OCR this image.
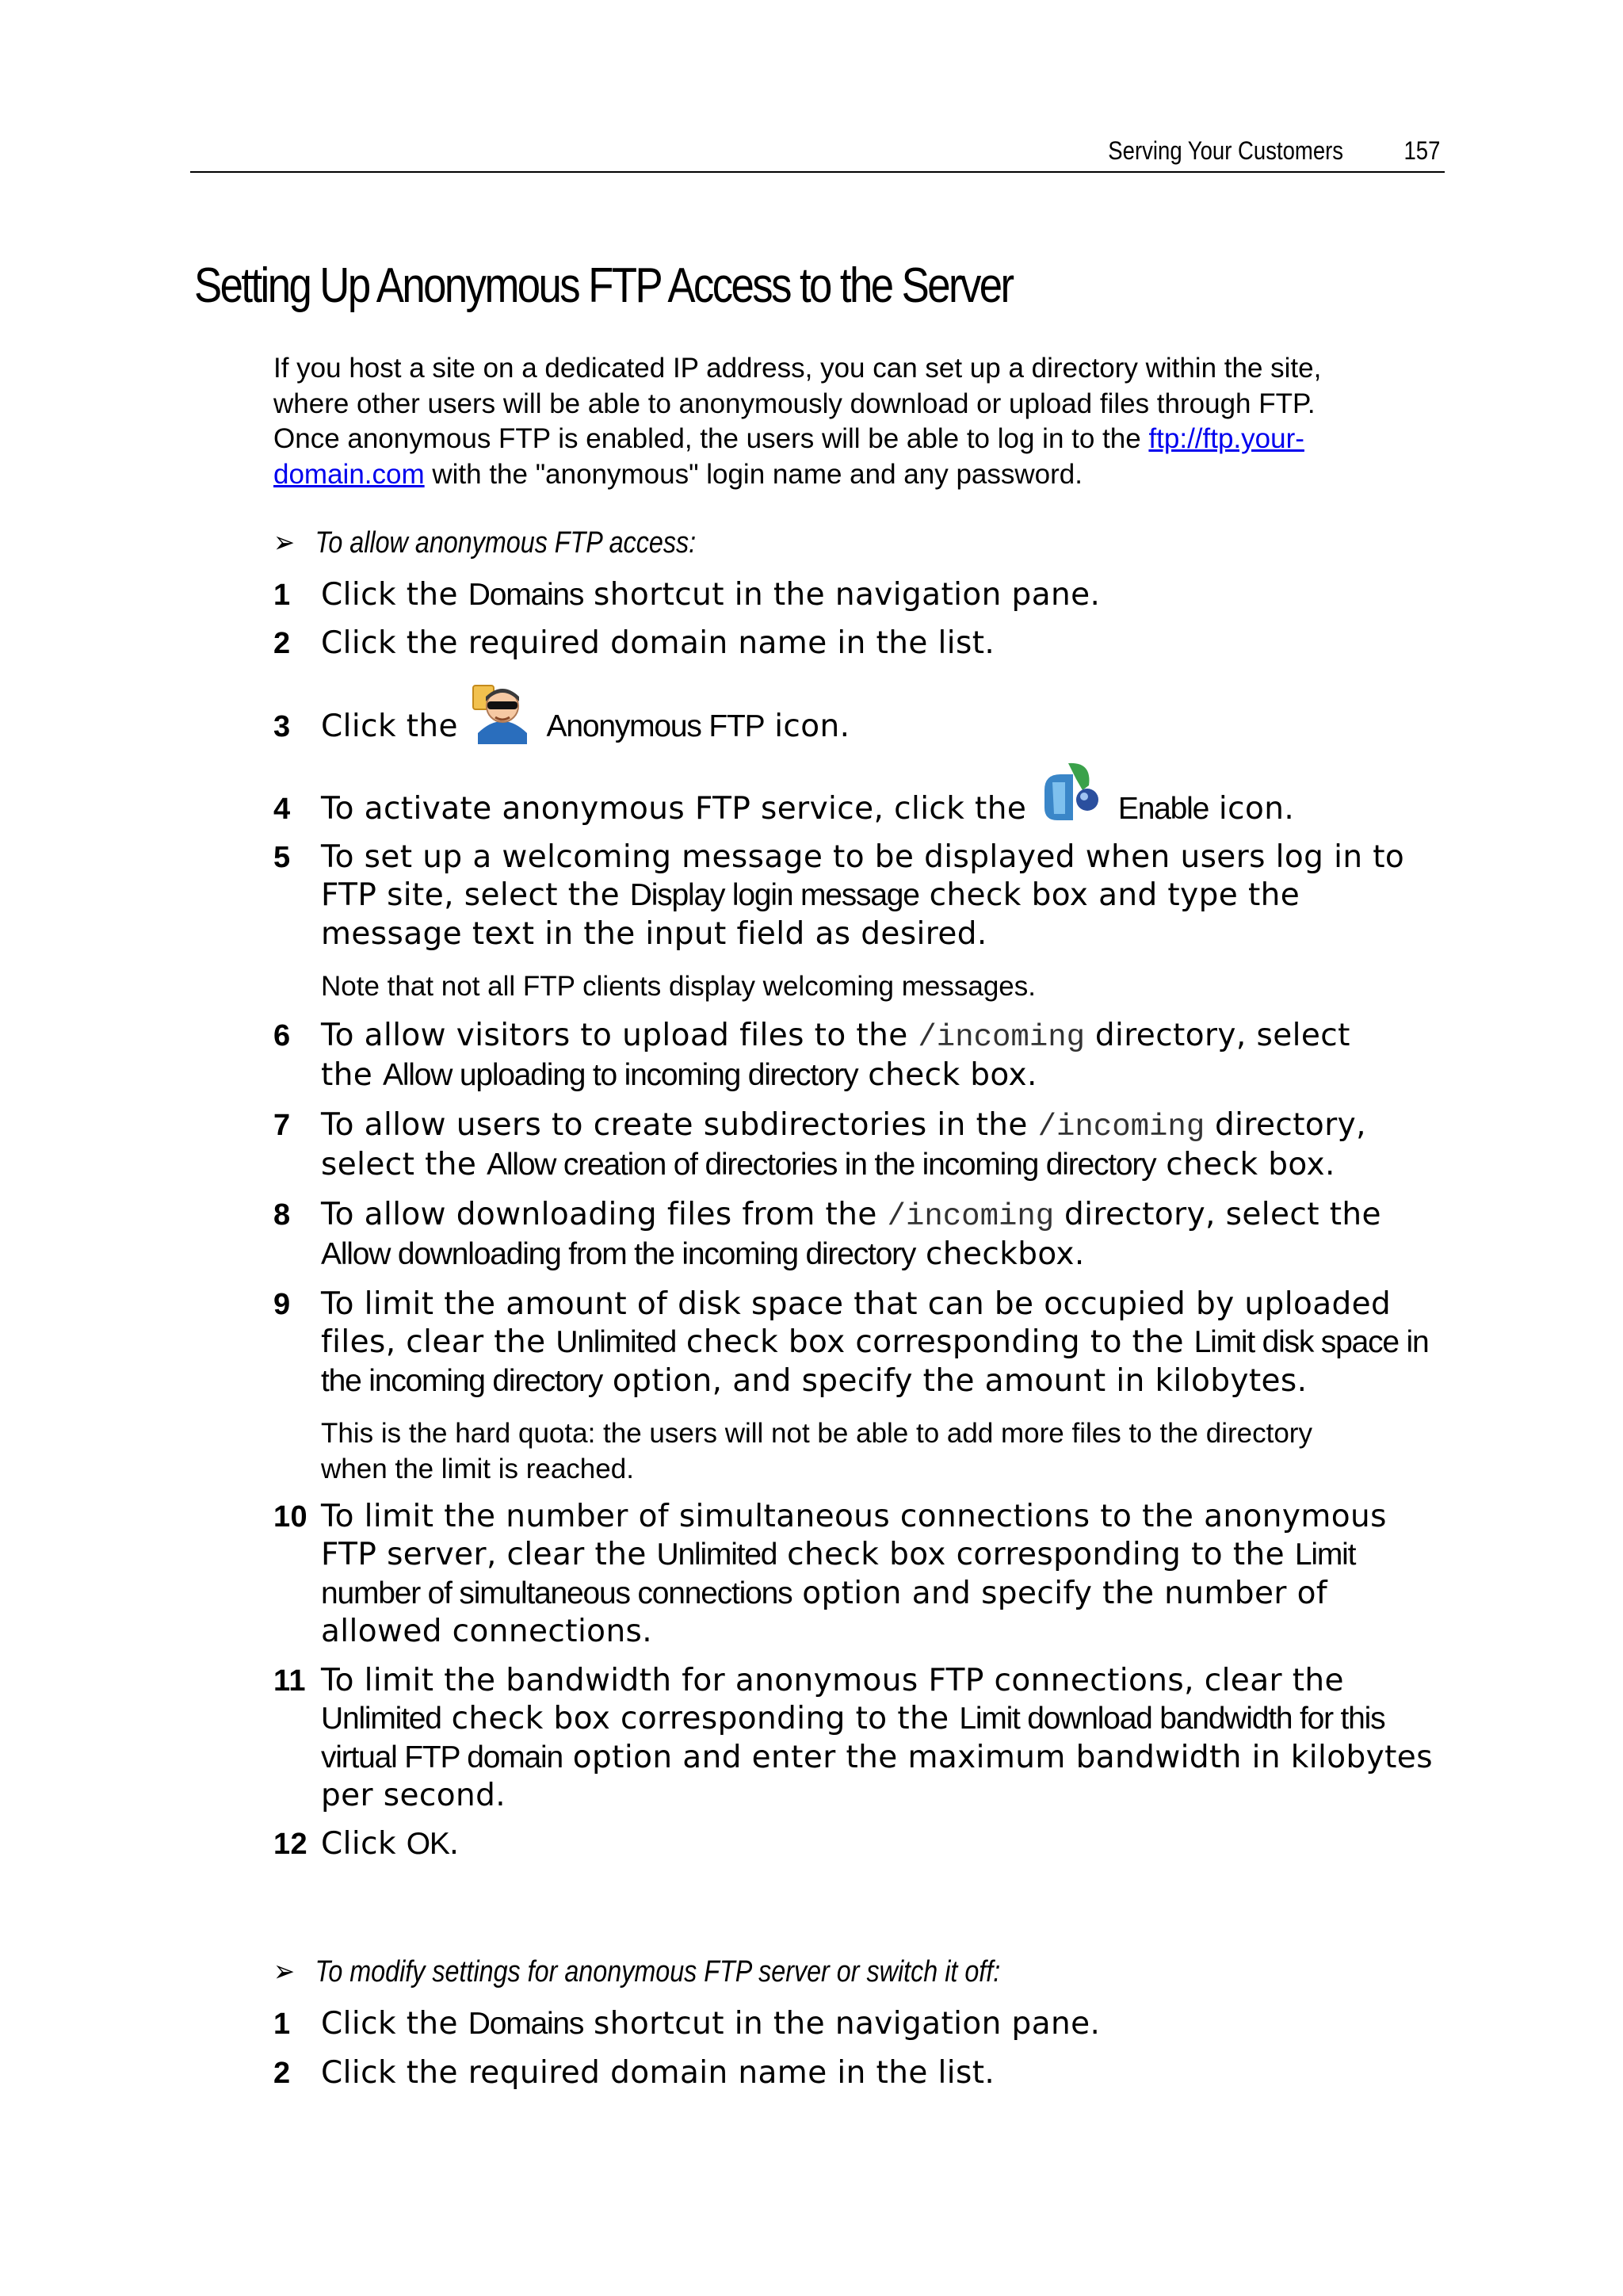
Serving Your Customers 157
Setting Up Anonymous FTP Access to the Server

If you host a site on a dedicated IP address, you can set up a directory within the site,

where other users will be able to anonymously download or upload files through FTP.

Once anonymous FTP is enabled, the users will be able to log in to the ftp://ftp.your-

domain.com with the "anonymous" login name and any password.

➢ To allow anonymous FTP access:
1 Click the Domains shortcut in the navigation pane.
2 Click the required domain name in the list.
3 Click the	Anonymous FTP icon.
4 To activate anonymous FTP service, click the	Enable icon.
5 To set up a welcoming message to be displayed when users log in to
FTP site, select the Display login message check box and type the
message text in the input field as desired.
Note that not all FTP clients display welcoming messages.
6 To allow visitors to upload files to the /incoming directory, select
the Allow uploading to incoming directory check box.
7 To allow users to create subdirectories in the /incoming directory,
select the Allow creation of directories in the incoming directory check box.
8 To allow downloading files from the /incoming directory, select the
Allow downloading from the incoming directory checkbox.
9 To limit the amount of disk space that can be occupied by uploaded
files, clear the Unlimited check box corresponding to the Limit disk space in
the incoming directory option, and specify the amount in kilobytes.
This is the hard quota: the users will not be able to add more files to the directory
when the limit is reached.
10 To limit the number of simultaneous connections to the anonymous
FTP server, clear the Unlimited check box corresponding to the Limit
number of simultaneous connections option and specify the number of
allowed connections.
11 To limit the bandwidth for anonymous FTP connections, clear the
Unlimited check box corresponding to the Limit download bandwidth for this
virtual FTP domain option and enter the maximum bandwidth in kilobytes
per second.
12 Click OK.
➢ To modify settings for anonymous FTP server or switch it off:
1 Click the Domains shortcut in the navigation pane.
2 Click the required domain name in the list.
